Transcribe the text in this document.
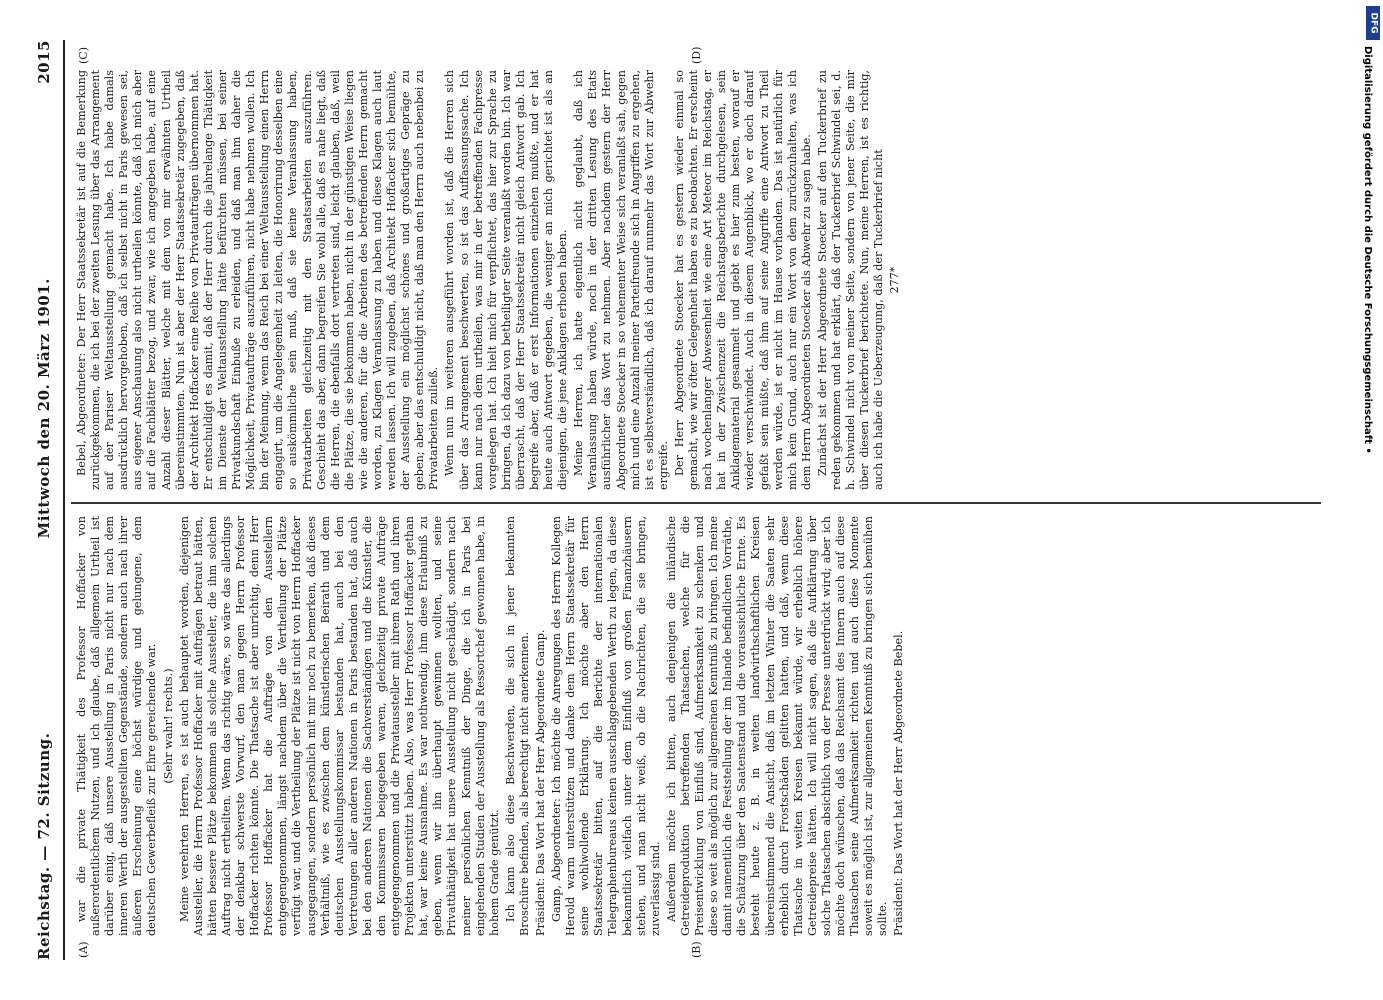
Reichstag. — 72. Sitzung.
Mittwoch den 20. März 1901.
2015
(A)	(B)
(C)	(D)

war die private Thätigkeit des Professor Hoffacker von außerordentlichem Nutzen, und ich glaube, daß allgemein Urtheil ist darüber einig, daß unsere Ausstellung in Paris nicht nur nach dem inneren Werth der ausgestellten Gegenstände, sondern auch nach ihrer äußeren Erscheinung eine höchst würdige und gelungene, dem deutschen Gewerbefleiß zur Ehre gereichende war. (Sehr wahr! rechts.) Meine verehrten Herren, es ist auch behauptet worden, diejenigen Aussteller, die Herrn Professor Hoffacker mit Aufträgen betraut hätten, hätten bessere Plätze bekommen als solche Aussteller, die ihm solchen Auftrag nicht ertheilten. Wenn das richtig wäre, so wäre das allerdings der denkbar schwerste Vorwurf, den man gegen Herrn Professor Hoffacker richten könnte. Die Thatsache ist aber unrichtig, denn Herr Professor Hoffacker hat die Aufträge von den Ausstellern entgegengenommen, längst nachdem über die Vertheilung der Plätze verfügt war, und die Vertheilung der Plätze ist nicht von Herrn Hoffacker ausgegangen, sondern persönlich mit mir noch zu bemerken, daß dieses Verhältniß, wie es zwischen dem künstlerischen Beirath und dem deutschen Ausstellungskommissar bestanden hat, auch bei den Vertretungen aller anderen Nationen in Paris bestanden hat, daß auch bei den anderen Nationen die Sachverständigen und die Künstler, die den Kommissaren beigegeben waren, gleichzeitig private Aufträge entgegengenommen und die Privataussteller mit ihrem Rath und ihren Projekten unterstützt haben. Also, was Herr Professor Hoffacker gethan hat, war keine Ausnahme. Es war nothwendig, ihm diese Erlaubniß zu geben, wenn wir ihn überhaupt gewinnen wollten, und seine Privatthätigkeit hat unsere Ausstellung nicht geschädigt, sondern nach meiner persönlichen Kenntniß der Dinge, die ich in Paris bei eingehenden Studien der Ausstellung als Ressortchef gewonnen habe, in hohem Grade genützt. Ich kann also diese Beschwerden, die sich in jener bekannten Broschüre befinden, als berechtigt nicht anerkennen. Präsident: Das Wort hat der Herr Abgeordnete Gamp. Gamp, Abgeordneter: Ich möchte die Anregungen des Herrn Kollegen Herold warm unterstützen und danke dem Herrn Staatssekretär für seine wohlwollende Erklärung. Ich möchte aber den Herrn Staatssekretär bitten, auf die Berichte der internationalen Telegraphenbureaus keinen ausschlaggebenden Werth zu legen, da diese bekanntlich vielfach unter dem Einfluß von großen Finanzhäusern stehen, und man nicht weiß, ob die Nachrichten, die sie bringen, zuverlässig sind. Außerdem möchte ich bitten, auch denjenigen die inländische Getreideproduktion betreffenden Thatsachen, welche für die Preisentwicklung von Einfluß sind, Aufmerksamkeit zu schenken und diese so weit als möglich zur allgemeinen Kenntniß zu bringen. Ich meine damit namentlich die Feststellung der im Inlande befindlichen Vorräthe, die Schätzung über den Saatenstand und die voraussichtliche Ernte. Es besteht heute z. B. in weiten landwirthschaftlichen Kreisen übereinstimmend die Ansicht, daß im letzten Winter die Saaten sehr erheblich durch Frostschäden gelitten hatten, und daß, wenn diese Thatsache in weiten Kreisen bekannt würde, wir erheblich höhere Getreidepreise hätten. Ich will nicht sagen, daß die Aufklärung über solche Thatsachen absichtlich von der Presse unterdrückt wird; aber ich möchte doch wünschen, daß das Reichsamt des Innern auch auf diese Thatsachen seine Aufmerksamkeit richten und auch diese Momente soweit es möglich ist, zur allgemeinen Kenntniß zu bringen sich bemühen sollte. Präsident: Das Wort hat der Herr Abgeordnete Bebel.

Bebel, Abgeordneter: Der Herr Staatssekretär ist auf die Bemerkung zurückgekommen, die ich bei der zweiten Lesung über das Arrangement auf der Pariser Weltausstellung gemacht habe. Ich habe damals ausdrücklich hervorgehoben, daß ich selbst nicht in Paris gewesen sei, aus eigener Anschauung also nicht urtheilen könnte, daß ich mich aber auf die Fachblätter bezog, und zwar, wie ich angegeben habe, auf eine Anzahl dieser Blätter, welche mit dem von mir erwähnten Urtheil übereinstimmten. Nun ist aber der Herr Staatssekretär zugegeben, daß der Architekt Hoffacker eine Reihe von Privataufträgen übernommen hat. Er entschuldigt es damit, daß der Herr durch die jahrelange Thätigkeit im Dienste der Weltausstellung hätte befürchten müssen, bei seiner Privatkundschaft Einbuße zu erleiden, und daß man ihm daher die Möglichkeit, Privataufträge auszuführen, nicht habe nehmen wollen. Ich bin der Meinung, wenn das Reich bei einer Weltausstellung einen Herrn engagirt, um die Angelegenheit zu leiten, die Honorirung desselben eine so auskömmliche sein muß, daß sie keine Veranlassung haben, Privatarbeiten gleichzeitig mit den Staatsarbeiten auszuführen. Geschieht das aber, dann begreifen Sie wohl alle, daß es nahe liegt, daß die Herren, die ebenfalls dort vertreten sind, leicht glauben, daß, weil die Plätze, die sie bekommen haben, nicht in der günstigen Weise liegen wie die anderen, für die die Arbeiten des betreffenden Herrn gemacht worden, zu Klagen Veranlassung zu haben und diese Klagen auch laut werden lassen. Ich will zugeben, daß Architekt Hoffacker sich bemühte, der Ausstellung ein möglichst schönes und großartiges Gepräge zu geben; aber das entschuldigt nicht, daß man den Herrn auch nebenbei zu Privatarbeiten zuließ. Wenn nun im weiteren ausgeführt worden ist, daß die Herren sich über das Arrangement beschwerten, so ist das Auffassungssache. Ich kann nur nach dem urtheilen, was mir in der betreffenden Fachpresse vorgelegen hat. Ich hielt mich für verpflichtet, das hier zur Sprache zu bringen, da ich dazu von betheiligter Seite veranlaßt worden bin. Ich war überrascht, daß der Herr Staatssekretär nicht gleich Antwort gab. Ich begreife aber, daß er erst Informationen einziehen mußte, und er hat heute auch Antwort gegeben, die weniger an mich gerichtet ist als an diejenigen, die jene Anklagen erhoben haben. Meine Herren, ich hatte eigentlich nicht geglaubt, daß ich Veranlassung haben würde, noch in der dritten Lesung des Etats ausführlicher das Wort zu nehmen. Aber nachdem gestern der Herr Abgeordnete Stoecker in so vehementer Weise sich veranlaßt sah, gegen mich und eine Anzahl meiner Parteifreunde sich in Angriffen zu ergehen, ist es selbstverständlich, daß ich darauf nunmehr das Wort zur Abwehr ergreife. Der Herr Abgeordnete Stoecker hat es gestern wieder einmal so gemacht, wie wir öfter Gelegenheit haben es zu beobachten. Er erscheint nach wochenlanger Abwesenheit wie eine Art Meteor im Reichstag, er hat in der Zwischenzeit die Reichstagsberichte durchgelesen, sein Anklagematerial gesammelt und giebt es hier zum besten, worauf er wieder verschwindet. Auch in diesem Augenblick, wo er doch darauf gefaßt sein müßte, daß ihm auf seine Angriffe eine Antwort zu Theil werden würde, ist er nicht im Hause vorhanden. Das ist natürlich für mich kein Grund, auch nur ein Wort von dem zurückzuhalten, was ich dem Herrn Abgeordneten Stoecker als Abwehr zu sagen habe. Zunächst ist der Herr Abgeordnete Stoecker auf den Tuckerbrief zu reden gekommen und hat erklärt, daß der Tuckerbrief Schwindel sei, d. h. Schwindel nicht von meiner Seite, sondern von jener Seite, die mir über diesen Tuckerbrief berichtete. Nun, meine Herren, ist es richtig, auch ich habe die Ueberzeugung, daß der Tuckerbrief nicht 277*

DFG
Digitalisierung gefördert durch die Deutsche Forschungsgemeinschaft •
